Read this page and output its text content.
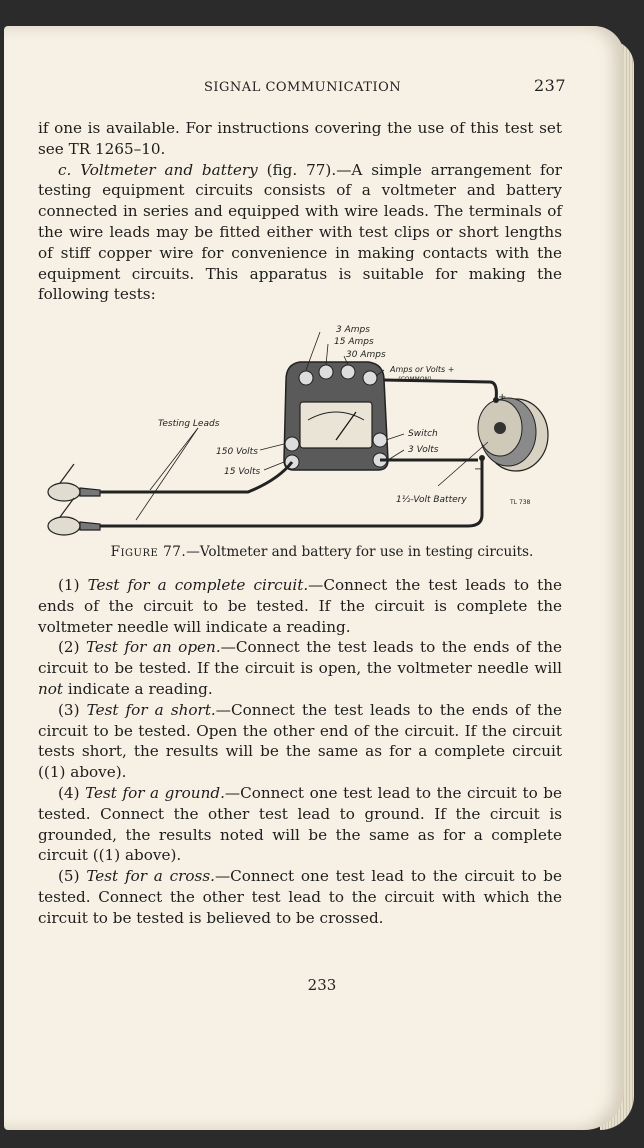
SIGNAL COMMUNICATION	237

if one is available. For instructions covering the use of this test set see TR 1265–10.

c. Voltmeter and battery (fig. 77).—A simple arrangement for testing equipment circuits consists of a voltmeter and battery connected in series and equipped with wire leads. The terminals of the wire leads may be fitted either with test clips or short lengths of stiff copper wire for convenience in making contacts with the equipment circuits. This apparatus is suitable for making the following tests:

3 Amps
15 Amps
30 Amps
Amps or Volts +
(COMMON)
Testing Leads
Switch
3 Volts
150 Volts
15 Volts
1½-Volt Battery
+
−
TL 738
Figure 77.—Voltmeter and battery for use in testing circuits.

(1) Test for a complete circuit.—Connect the test leads to the ends of the circuit to be tested. If the circuit is complete the voltmeter needle will indicate a reading.

(2) Test for an open.—Connect the test leads to the ends of the circuit to be tested. If the circuit is open, the voltmeter needle will not indicate a reading.

(3) Test for a short.—Connect the test leads to the ends of the circuit to be tested. Open the other end of the circuit. If the circuit tests short, the results will be the same as for a complete circuit ((1) above).

(4) Test for a ground.—Connect one test lead to the circuit to be tested. Connect the other test lead to ground. If the circuit is grounded, the results noted will be the same as for a complete circuit ((1) above).

(5) Test for a cross.—Connect one test lead to the circuit to be tested. Connect the other test lead to the circuit with which the circuit to be tested is believed to be crossed.

233
